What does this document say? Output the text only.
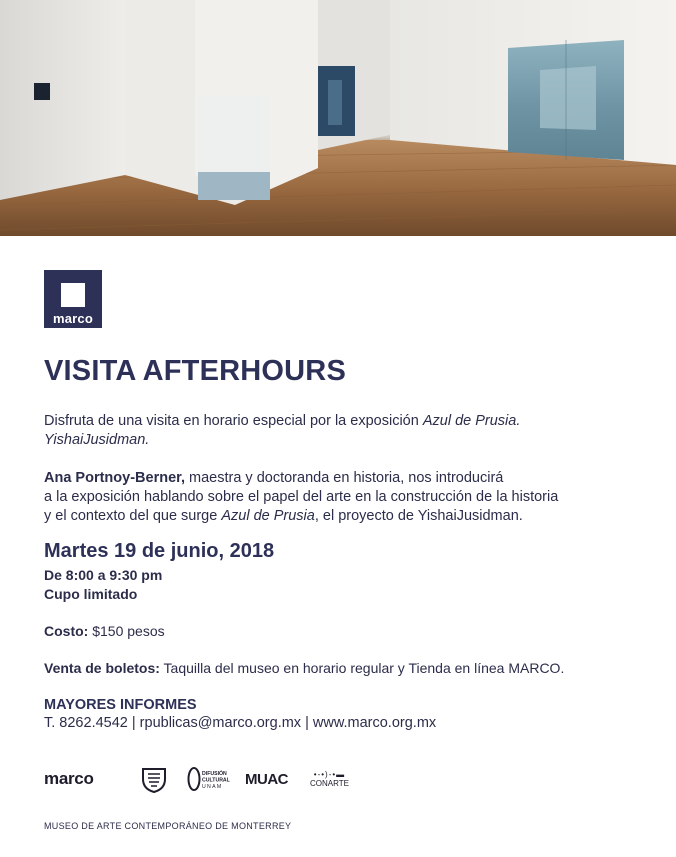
marco
VISITA AFTERHOURS

Disfruta de una visita en horario especial por la exposición Azul de Prusia.
YishaiJusidman.

Ana Portnoy-Berner, maestra y doctoranda en historia, nos introducirá
a la exposición hablando sobre el papel del arte en la construcción de la historia
y el contexto del que surge Azul de Prusia, el proyecto de YishaiJusidman.

Martes 19 de junio, 2018

De 8:00 a 9:30 pm

Cupo limitado

Costo: $150 pesos

Venta de boletos: Taquilla del museo en horario regular y Tienda en línea MARCO.

MAYORES INFORMES

T. 8262.4542 | rpublicas@marco.org.mx | www.marco.org.mx

marco	DIFUSIÓN
CULTURAL
UNAM MUAC	•-•)-•▬
CONARTE

MUSEO DE ARTE CONTEMPORÁNEO DE MONTERREY
